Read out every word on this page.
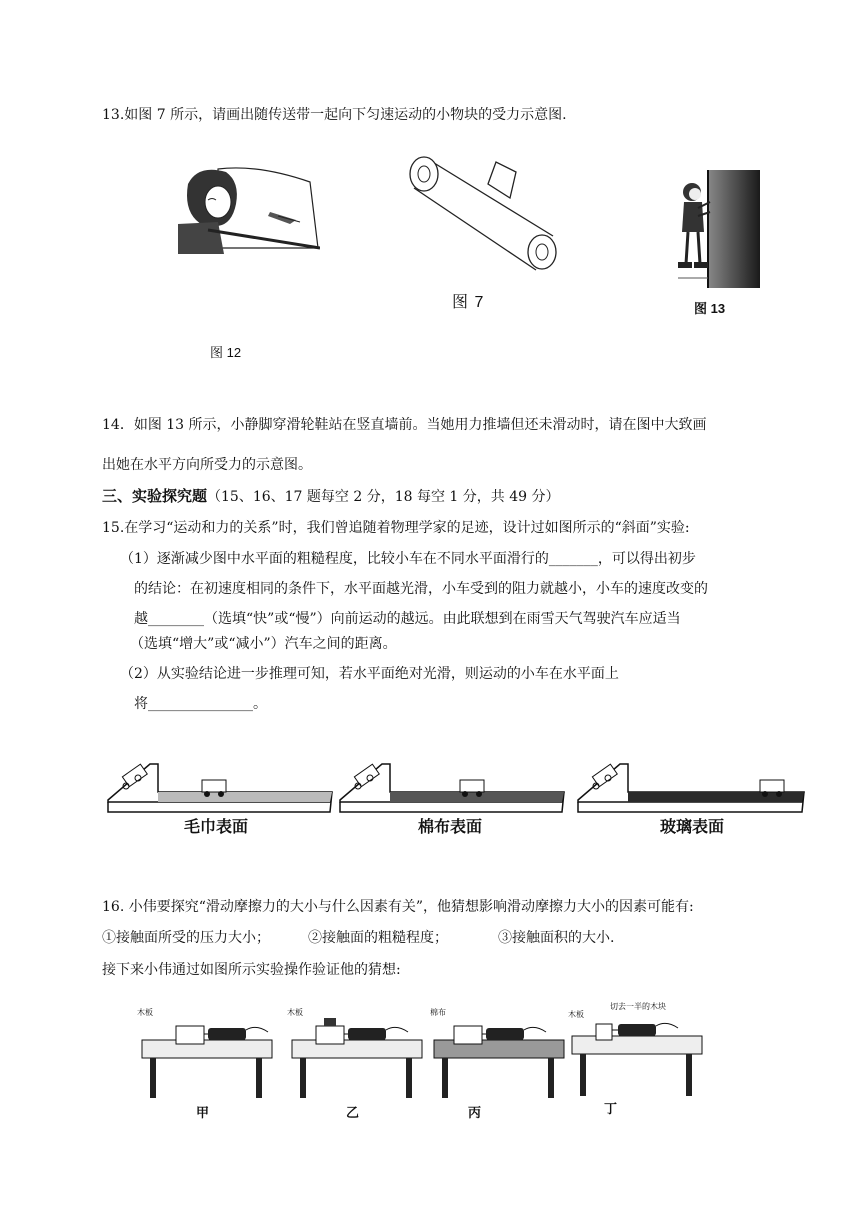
13.如图 7 所示，请画出随传送带一起向下匀速运动的小物块的受力示意图.
图 12
图 7	图 13
14．如图 13 所示，小静脚穿滑轮鞋站在竖直墙前。当她用力推墙但还未滑动时，请在图中大致画
出她在水平方向所受力的示意图。
三、实验探究题（15、16、17 题每空 2 分，18 每空 1 分，共 49 分）
15.在学习“运动和力的关系”时，我们曾追随着物理学家的足迹，设计过如图所示的“斜面”实验:
（1）逐渐减少图中水平面的粗糙程度，比较小车在不同水平面滑行的_______，可以得出初步
的结论：在初速度相同的条件下，水平面越光滑，小车受到的阻力就越小，小车的速度改变的
越________（选填“快”或“慢”）向前运动的越远。由此联想到在雨雪天气驾驶汽车应适当
（选填“增大”或“减小”）汽车之间的距离。
（2）从实验结论进一步推理可知，若水平面绝对光滑，则运动的小车在水平面上
将_______________。
毛巾表面	棉布表面	玻璃表面
16. 小伟要探究“滑动摩擦力的大小与什么因素有关”，他猜想影响滑动摩擦力大小的因素可能有:
①接触面所受的压力大小；	②接触面的粗糙程度；	③接触面积的大小.
接下来小伟通过如图所示实验操作验证他的猜想:
木板
甲
木板
乙
棉布
丙
木板
切去一半的木块
丁
